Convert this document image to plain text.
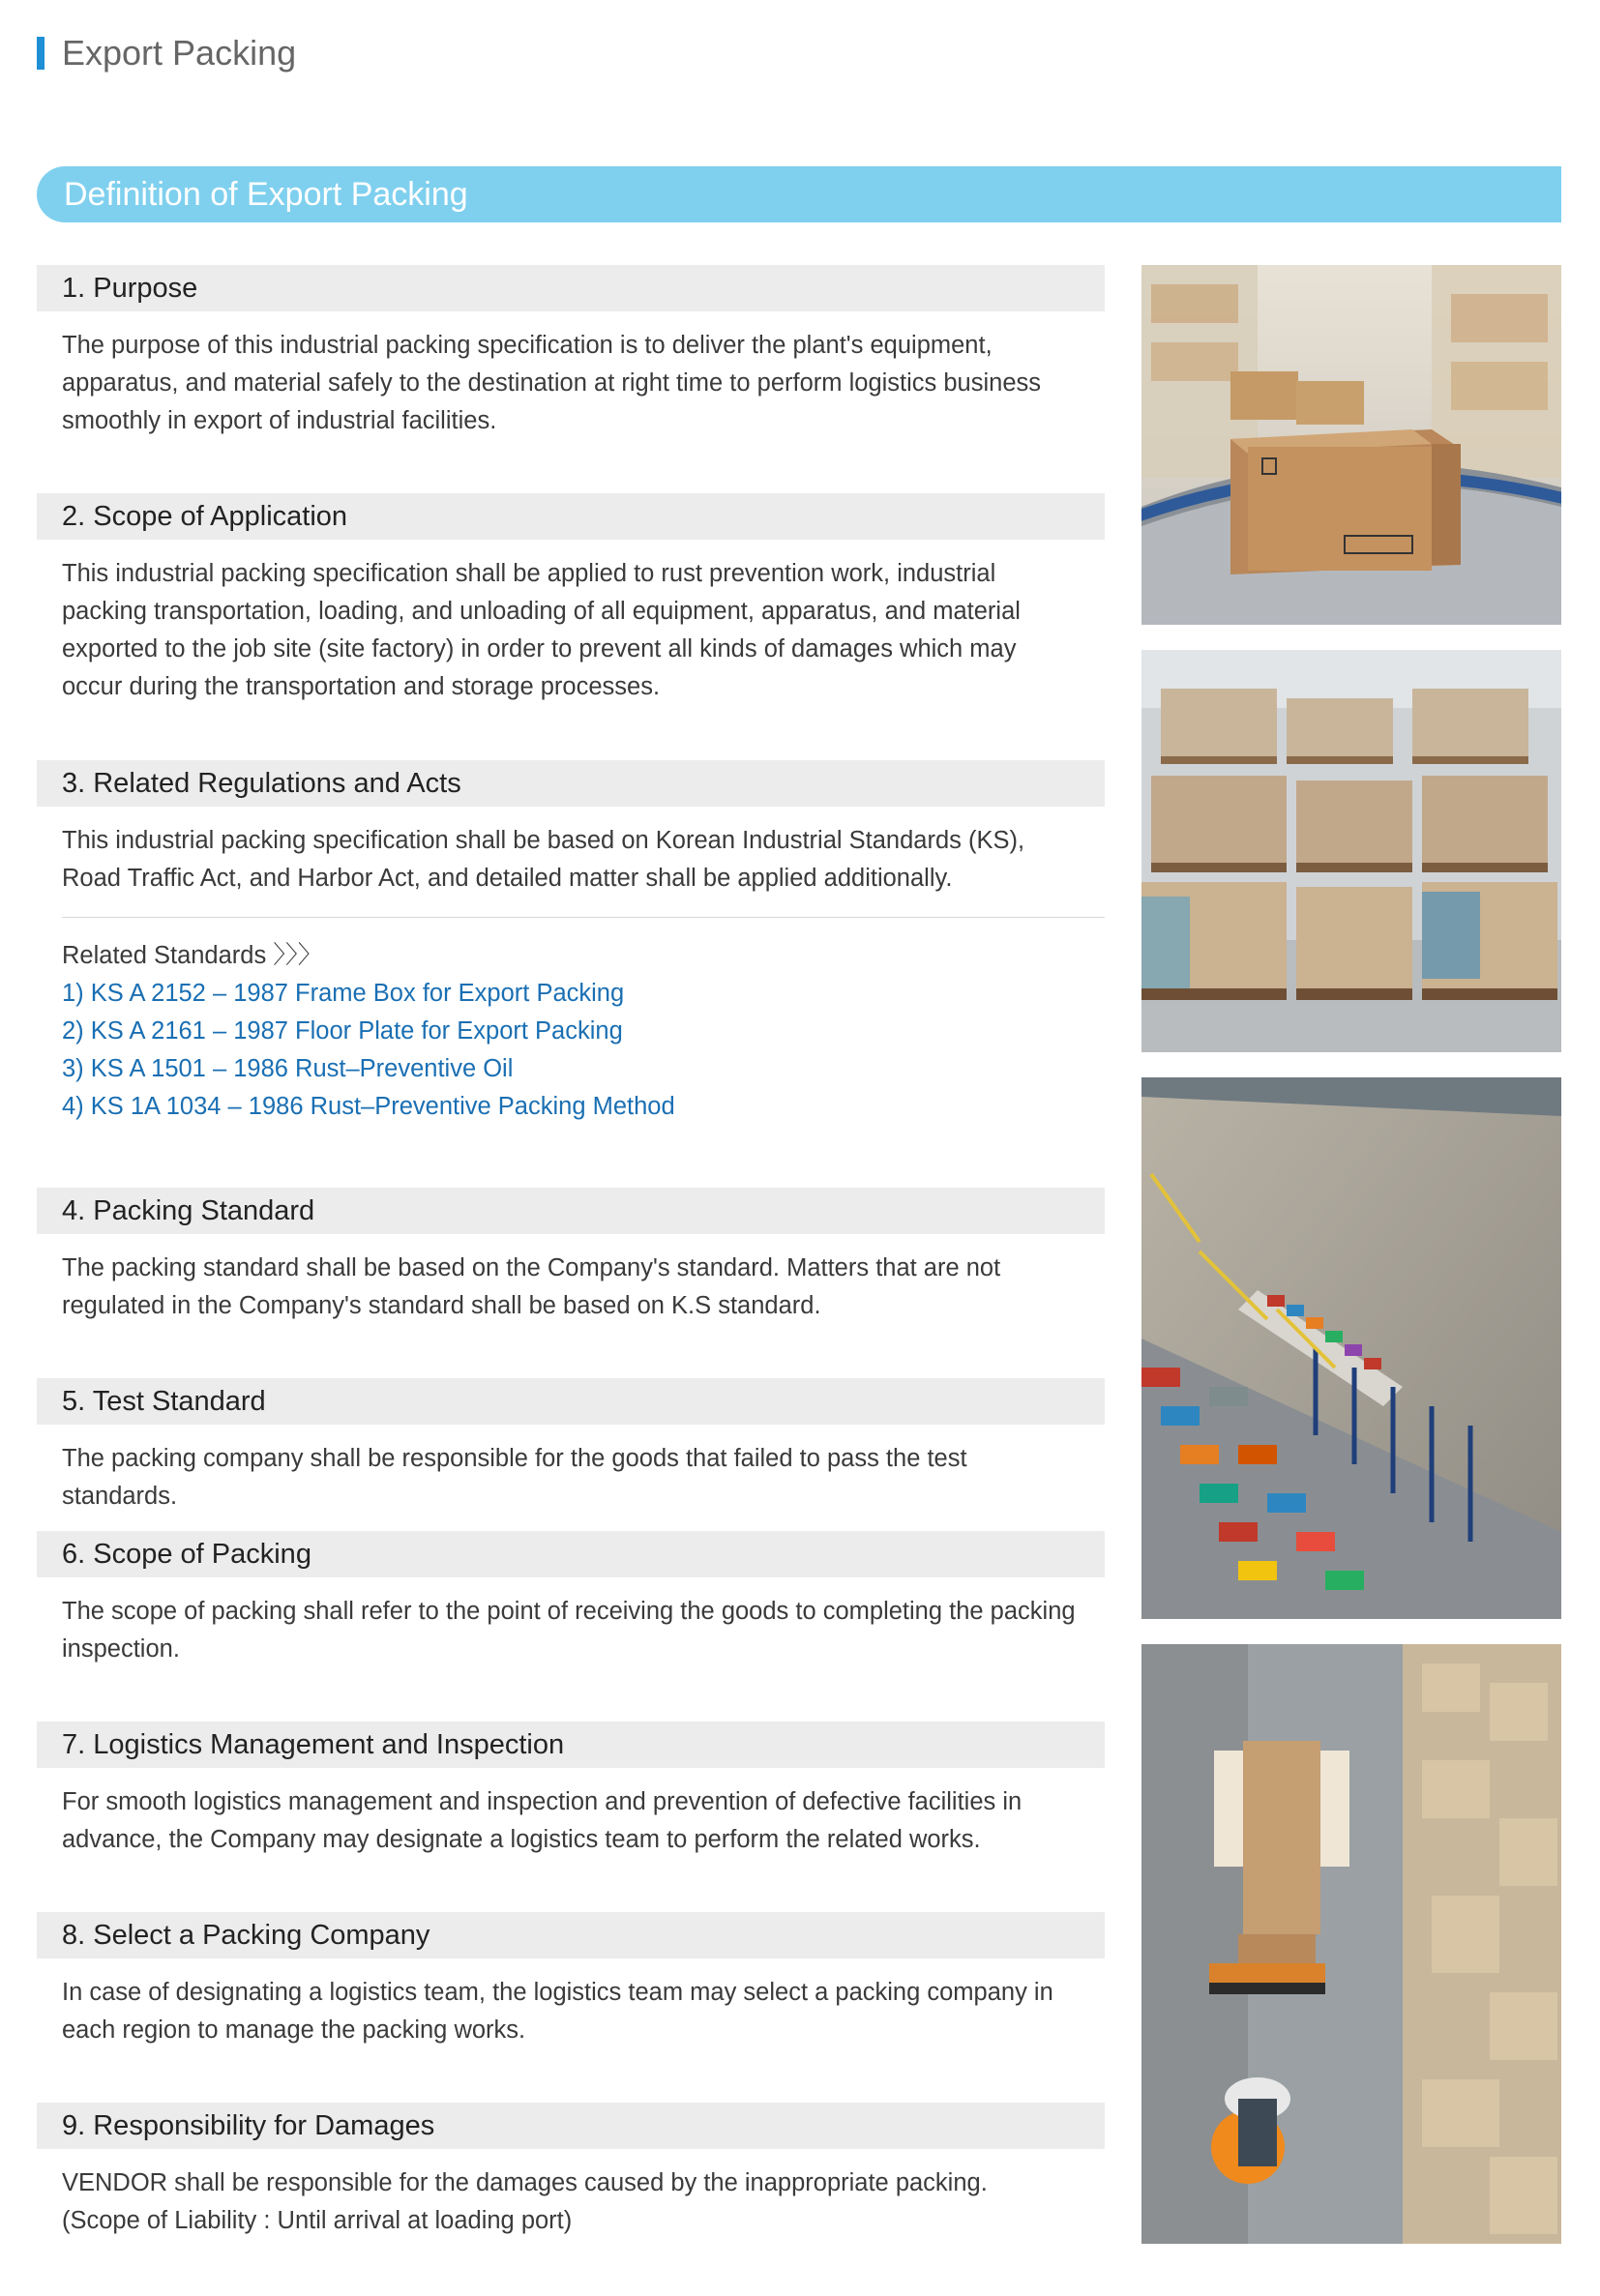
Export Packing
Definition of Export Packing
1. Purpose

The purpose of this industrial packing specification is to deliver the plant's equipment,

apparatus, and material safely to the destination at right time to perform logistics business

smoothly in export of industrial facilities.

2. Scope of Application

This industrial packing specification shall be applied to rust prevention work, industrial

packing transportation, loading, and unloading of all equipment, apparatus, and material

exported to the job site (site factory) in order to prevent all kinds of damages which may

occur during the transportation and storage processes.

3. Related Regulations and Acts

This industrial packing specification shall be based on Korean Industrial Standards (KS),

Road Traffic Act, and Harbor Act, and detailed matter shall be applied additionally.

Related Standards 〉〉〉
1) KS A 2152 – 1987 Frame Box for Export Packing
2) KS A 2161 – 1987 Floor Plate for Export Packing
3) KS A 1501 – 1986 Rust–Preventive Oil
4) KS 1A 1034 – 1986 Rust–Preventive Packing Method
4. Packing Standard

The packing standard shall be based on the Company's standard. Matters that are not

regulated in the Company's standard shall be based on K.S standard.

5. Test Standard

The packing company shall be responsible for the goods that failed to pass the test standards.

6. Scope of Packing

The scope of packing shall refer to the point of receiving the goods to completing the packing

inspection.

7. Logistics Management and Inspection

For smooth logistics management and inspection and prevention of defective facilities in

advance, the Company may designate a logistics team to perform the related works.

8. Select a Packing Company

In case of designating a logistics team, the logistics team may select a packing company in

each region to manage the packing works.

9. Responsibility for Damages

VENDOR shall be responsible for the damages caused by the inappropriate packing.

(Scope of Liability : Until arrival at loading port)
